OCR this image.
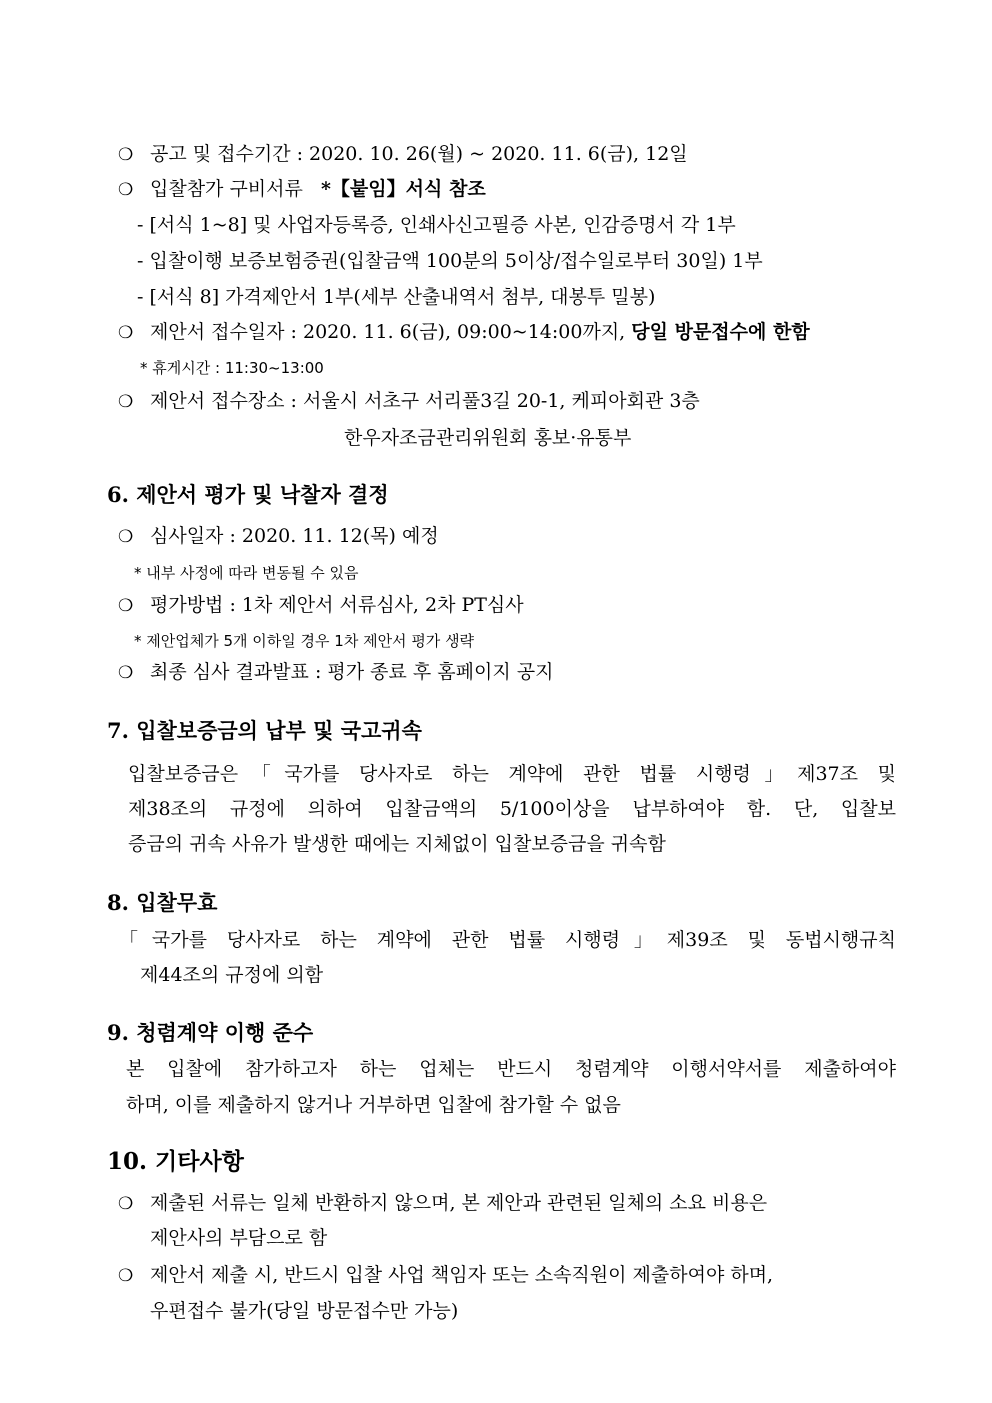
❍ 공고 및 접수기간 : 2020. 10. 26(월) ~ 2020. 11. 6(금), 12일
❍ 입찰참가 구비서류 *【붙임】서식 참조
- [서식 1~8] 및 사업자등록증, 인쇄사신고필증 사본, 인감증명서 각 1부
- 입찰이행 보증보험증권(입찰금액 100분의 5이상/접수일로부터 30일) 1부
- [서식 8] 가격제안서 1부(세부 산출내역서 첨부, 대봉투 밀봉)
❍ 제안서 접수일자 : 2020. 11. 6(금), 09:00~14:00까지, 당일 방문접수에 한함
* 휴게시간 : 11:30~13:00
❍ 제안서 접수장소 : 서울시 서초구 서리풀3길 20-1, 케피아회관 3층
한우자조금관리위원회 홍보·유통부
6. 제안서 평가 및 낙찰자 결정
❍ 심사일자 : 2020. 11. 12(목) 예정
* 내부 사정에 따라 변동될 수 있음
❍ 평가방법 : 1차 제안서 서류심사, 2차 PT심사
* 제안업체가 5개 이하일 경우 1차 제안서 평가 생략
❍ 최종 심사 결과발표 : 평가 종료 후 홈페이지 공지
7. 입찰보증금의 납부 및 국고귀속
입찰보증금은「국가를 당사자로 하는 계약에 관한 법률 시행령」제37조 및
제38조의 규정에 의하여 입찰금액의 5/100이상을 납부하여야 함. 단, 입찰보
증금의 귀속 사유가 발생한 때에는 지체없이 입찰보증금을 귀속함
8. 입찰무효
「국가를 당사자로 하는 계약에 관한 법률 시행령」제39조 및 동법시행규칙
제44조의 규정에 의함
9. 청렴계약 이행 준수
본 입찰에 참가하고자 하는 업체는 반드시 청렴계약 이행서약서를 제출하여야
하며, 이를 제출하지 않거나 거부하면 입찰에 참가할 수 없음
10. 기타사항
❍ 제출된 서류는 일체 반환하지 않으며, 본 제안과 관련된 일체의 소요 비용은
제안사의 부담으로 함
❍ 제안서 제출 시, 반드시 입찰 사업 책임자 또는 소속직원이 제출하여야 하며,
우편접수 불가(당일 방문접수만 가능)
